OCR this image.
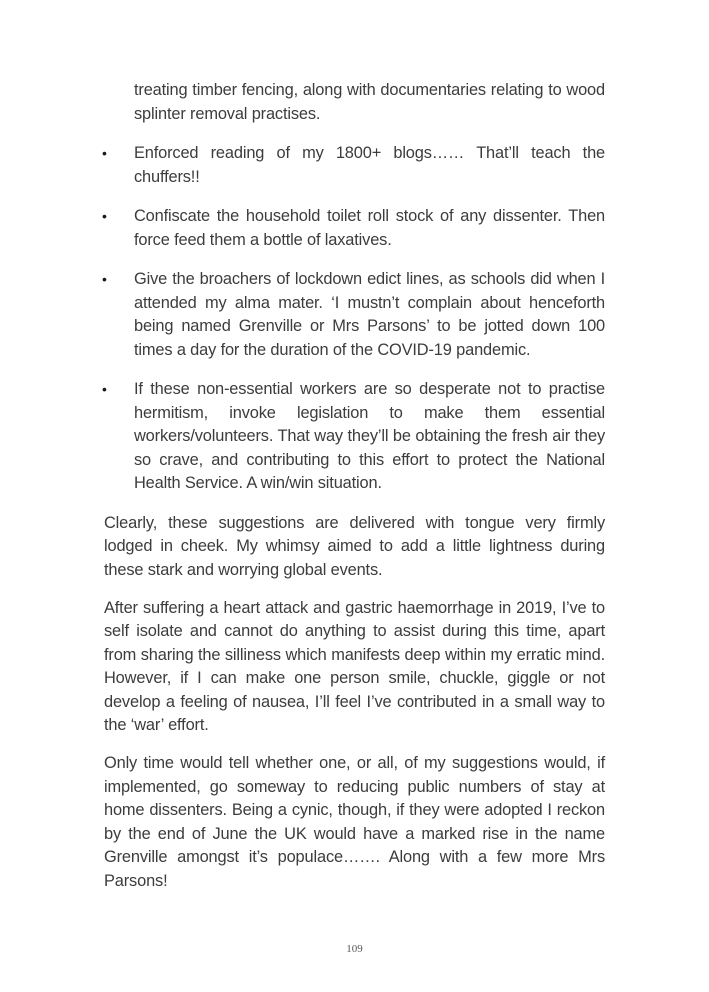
treating timber fencing, along with documentaries relating to wood splinter removal practises.
• Enforced reading of my 1800+ blogs…… That’ll teach the chuffers!!
• Confiscate the household toilet roll stock of any dissenter. Then force feed them a bottle of laxatives.
• Give the broachers of lockdown edict lines, as schools did when I attended my alma mater. ‘I mustn’t complain about henceforth being named Grenville or Mrs Parsons’ to be jotted down 100 times a day for the duration of the COVID-19 pandemic.
• If these non-essential workers are so desperate not to practise hermitism, invoke legislation to make them essential workers/volunteers. That way they’ll be obtaining the fresh air they so crave, and contributing to this effort to protect the National Health Service. A win/win situation.

Clearly, these suggestions are delivered with tongue very firmly lodged in cheek. My whimsy aimed to add a little lightness during these stark and worrying global events.

After suffering a heart attack and gastric haemorrhage in 2019, I’ve to self isolate and cannot do anything to assist during this time, apart from sharing the silliness which manifests deep within my erratic mind. However, if I can make one person smile, chuckle, giggle or not develop a feeling of nausea, I’ll feel I’ve contributed in a small way to the ‘war’ effort.

Only time would tell whether one, or all, of my suggestions would, if implemented, go someway to reducing public numbers of stay at home dissenters. Being a cynic, though, if they were adopted I reckon by the end of June the UK would have a marked rise in the name Grenville amongst it’s populace……. Along with a few more Mrs Parsons!

109
